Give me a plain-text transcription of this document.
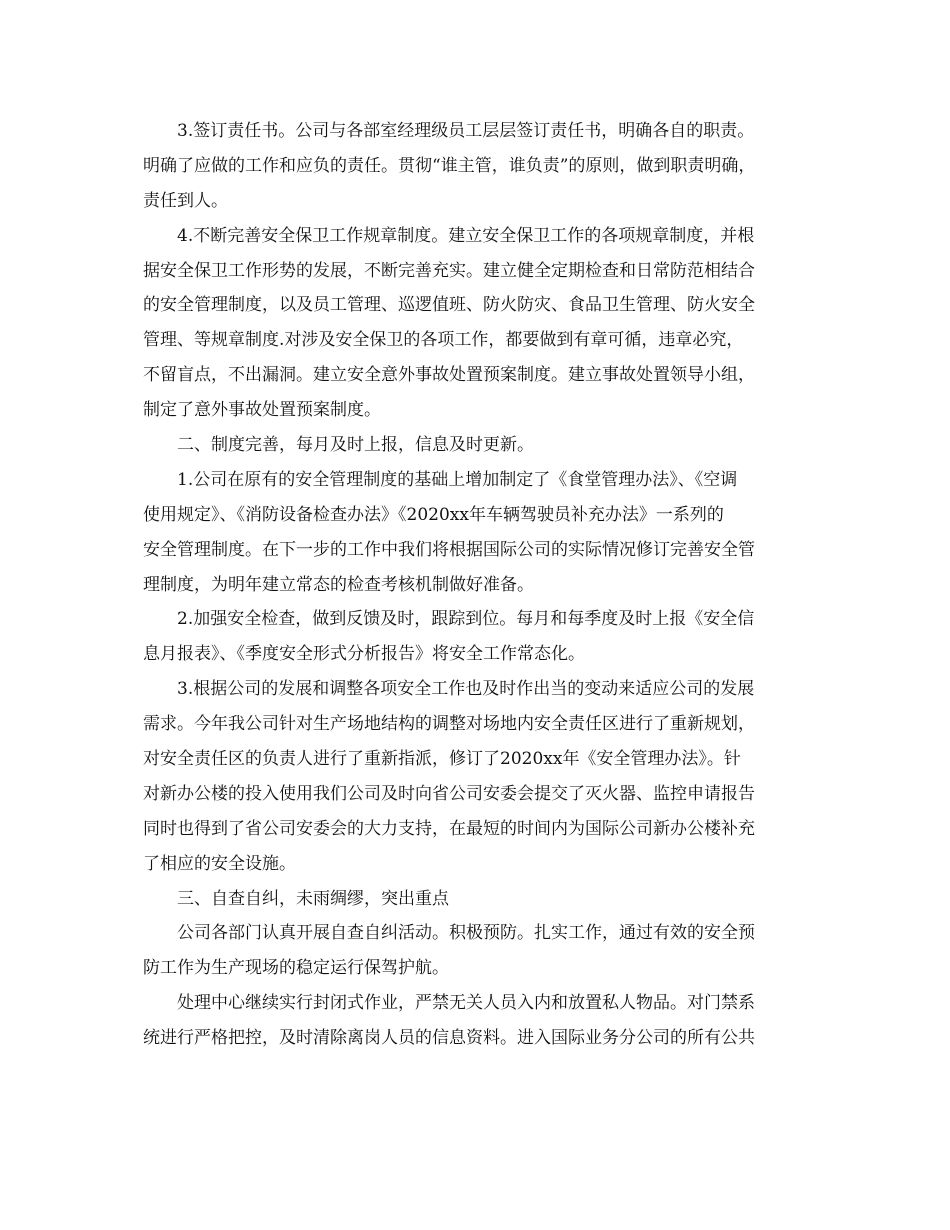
3.签订责任书。公司与各部室经理级员工层层签订责任书，明确各自的职责。
明确了应做的工作和应负的责任。贯彻“谁主管，谁负责”的原则，做到职责明确，
责任到人。
4.不断完善安全保卫工作规章制度。建立安全保卫工作的各项规章制度，并根
据安全保卫工作形势的发展，不断完善充实。建立健全定期检查和日常防范相结合
的安全管理制度，以及员工管理、巡逻值班、防火防灾、食品卫生管理、防火安全
管理、等规章制度.对涉及安全保卫的各项工作，都要做到有章可循，违章必究，
不留盲点，不出漏洞。建立安全意外事故处置预案制度。建立事故处置领导小组，
制定了意外事故处置预案制度。
二、制度完善，每月及时上报，信息及时更新。
1.公司在原有的安全管理制度的基础上增加制定了《食堂管理办法》、《空调
使用规定》、《消防设备检查办法》《2020xx年车辆驾驶员补充办法》一系列的
安全管理制度。在下一步的工作中我们将根据国际公司的实际情况修订完善安全管
理制度，为明年建立常态的检查考核机制做好准备。
2.加强安全检查，做到反馈及时，跟踪到位。每月和每季度及时上报《安全信
息月报表》、《季度安全形式分析报告》将安全工作常态化。
3.根据公司的发展和调整各项安全工作也及时作出当的变动来适应公司的发展
需求。今年我公司针对生产场地结构的调整对场地内安全责任区进行了重新规划，
对安全责任区的负责人进行了重新指派，修订了2020xx年《安全管理办法》。针
对新办公楼的投入使用我们公司及时向省公司安委会提交了灭火器、监控申请报告
同时也得到了省公司安委会的大力支持，在最短的时间内为国际公司新办公楼补充
了相应的安全设施。
三、自查自纠，未雨绸缪，突出重点
公司各部门认真开展自查自纠活动。积极预防。扎实工作，通过有效的安全预
防工作为生产现场的稳定运行保驾护航。
处理中心继续实行封闭式作业，严禁无关人员入内和放置私人物品。对门禁系
统进行严格把控，及时清除离岗人员的信息资料。进入国际业务分公司的所有公共
